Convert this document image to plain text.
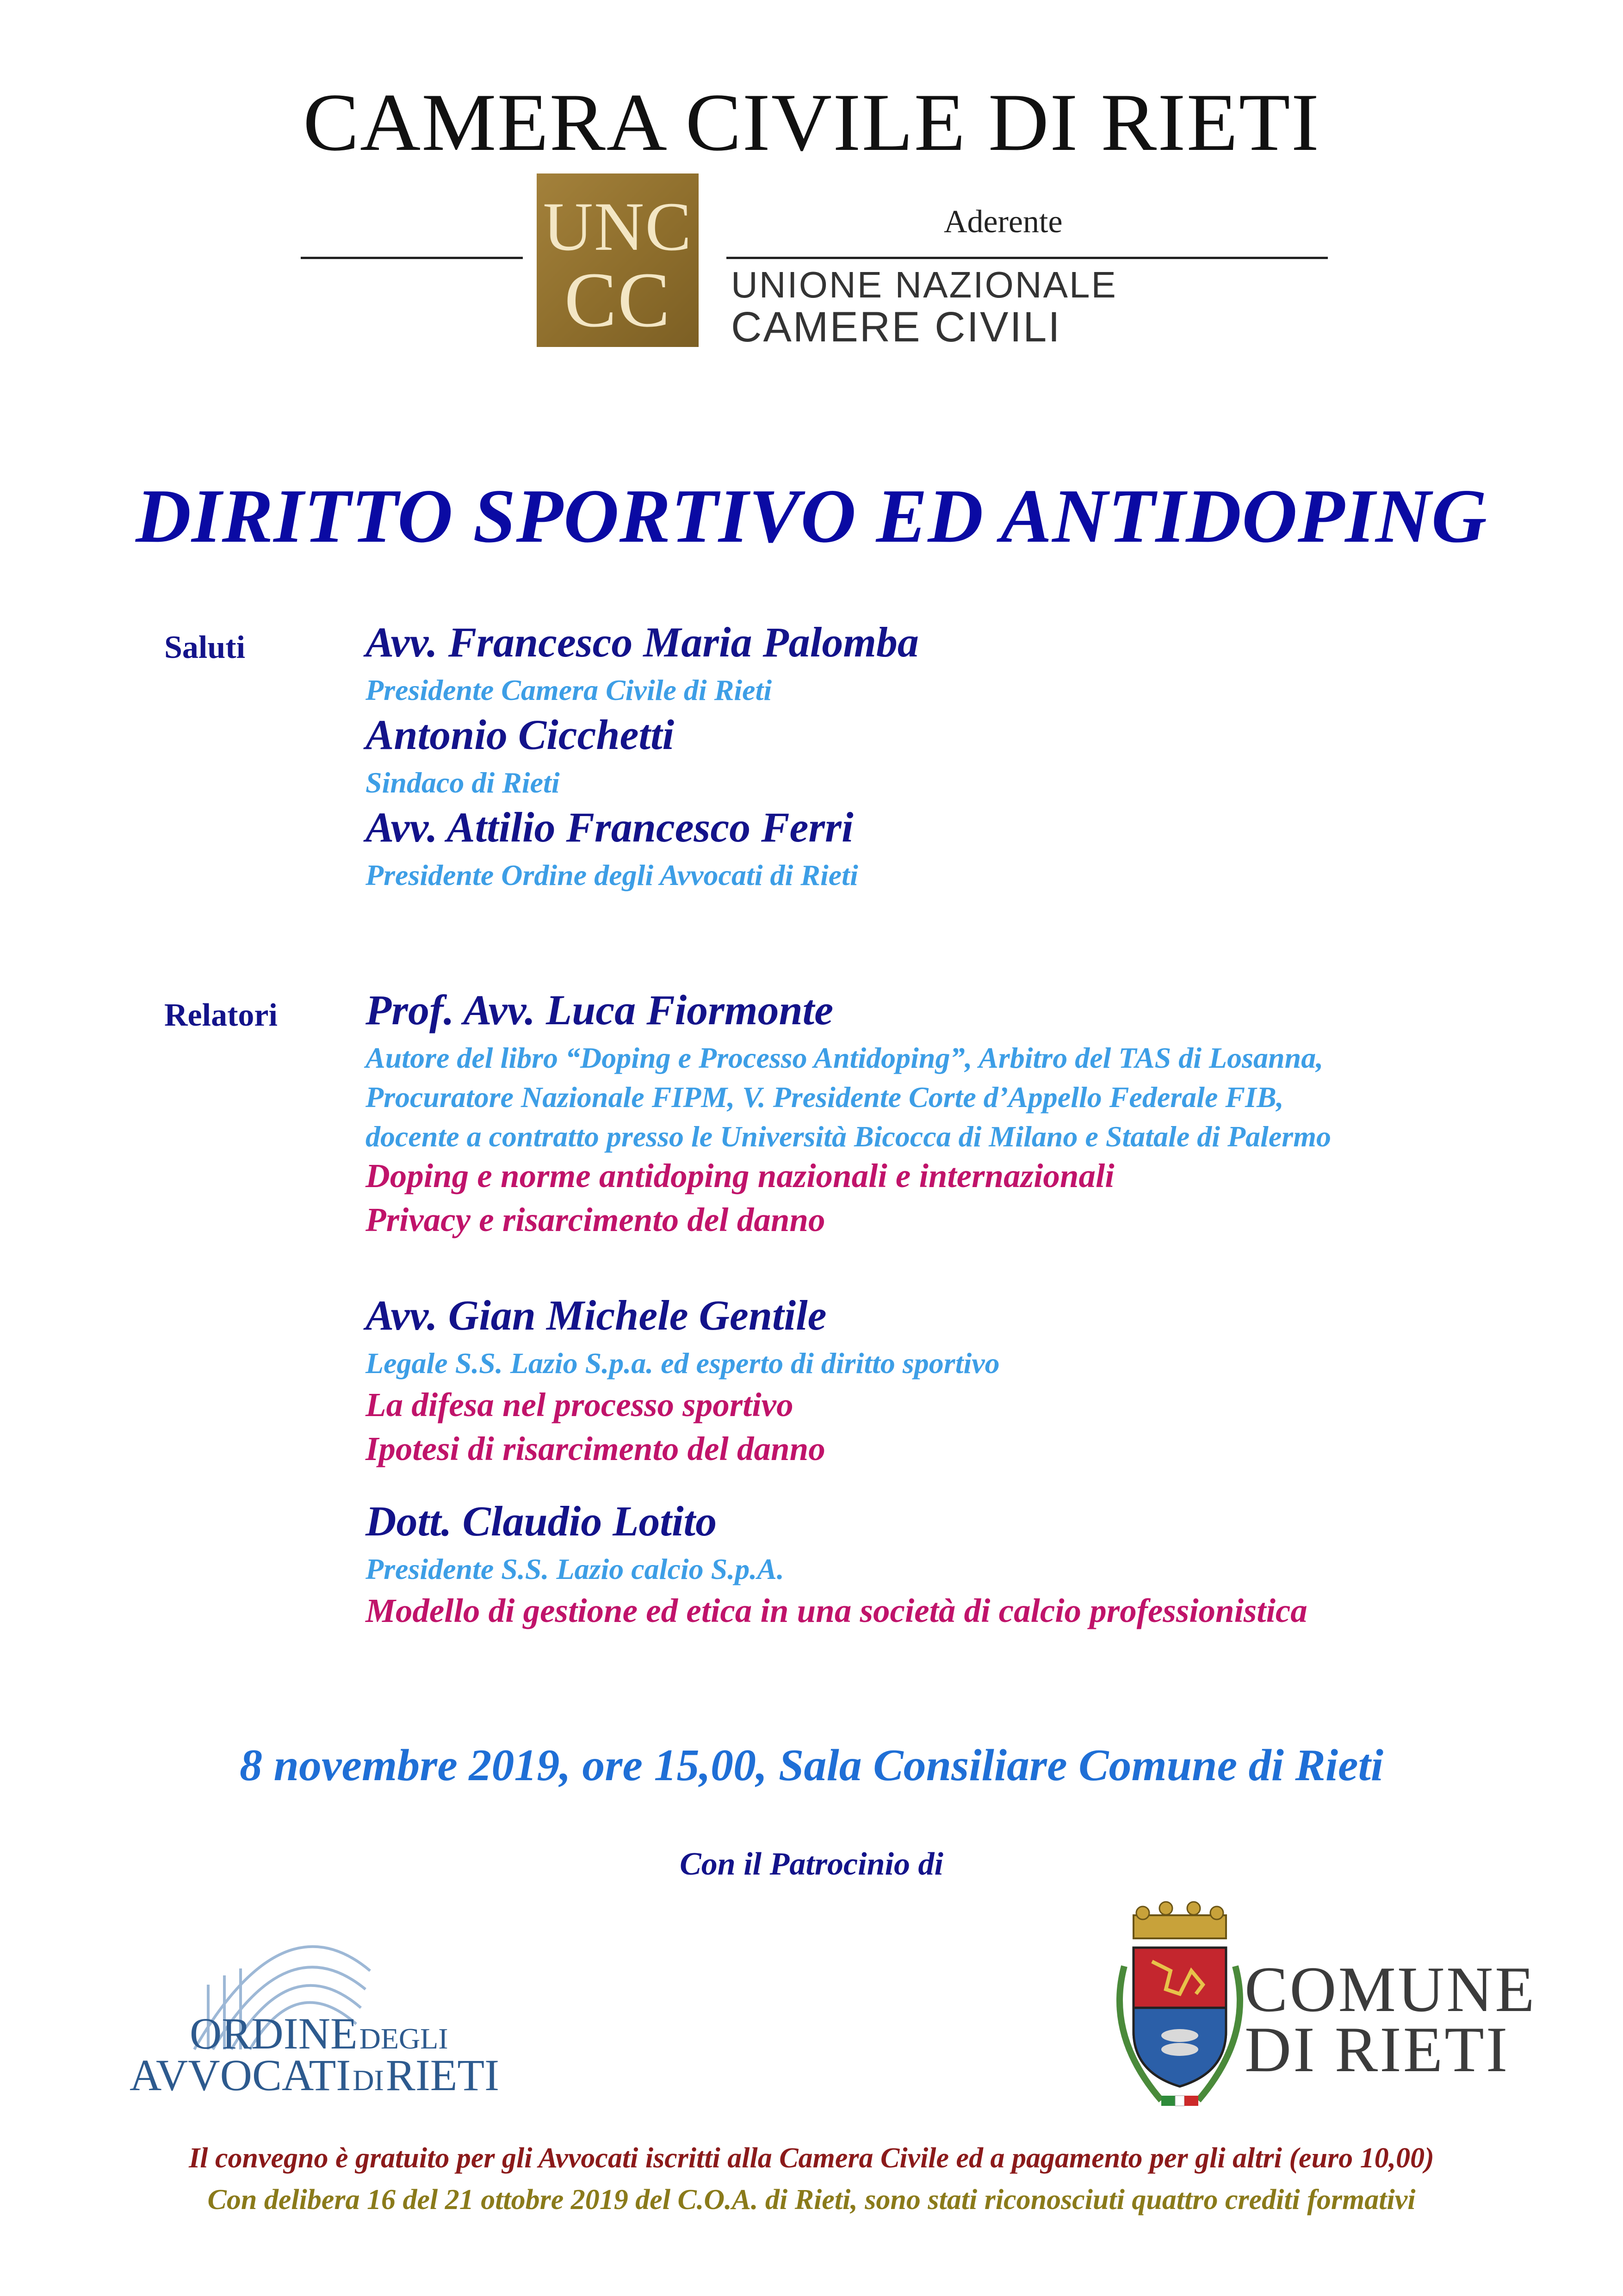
CAMERA CIVILE DI RIETI
UNC
CC
Aderente
UNIONE NAZIONALE
CAMERE CIVILI
DIRITTO SPORTIVO ED ANTIDOPING
Saluti	Avv. Francesco Maria Palomba
Presidente Camera Civile di Rieti
Antonio Cicchetti
Sindaco di Rieti
Avv. Attilio Francesco Ferri
Presidente Ordine degli Avvocati di Rieti
Relatori Prof. Avv. Luca Fiormonte
Autore del libro “Doping e Processo Antidoping”, Arbitro del TAS di Losanna,
Procuratore Nazionale FIPM, V. Presidente Corte d’Appello Federale FIB,
docente a contratto presso le Università Bicocca di Milano e Statale di Palermo
Doping e norme antidoping nazionali e internazionali
Privacy e risarcimento del danno
Avv. Gian Michele Gentile
Legale S.S. Lazio S.p.a. ed esperto di diritto sportivo
La difesa nel processo sportivo
Ipotesi di risarcimento del danno
Dott. Claudio Lotito
Presidente S.S. Lazio calcio S.p.A.
Modello di gestione ed etica in una società di calcio professionistica
8 novembre 2019, ore 15,00, Sala Consiliare Comune di Rieti
Con il Patrocinio di
ORDINE DEGLI
AVVOCATI DI RIETI
COMUNE
DI RIETI
Il convegno è gratuito per gli Avvocati iscritti alla Camera Civile ed a pagamento per gli altri (euro 10,00)
Con delibera 16 del 21 ottobre 2019 del C.O.A. di Rieti, sono stati riconosciuti quattro crediti formativi
